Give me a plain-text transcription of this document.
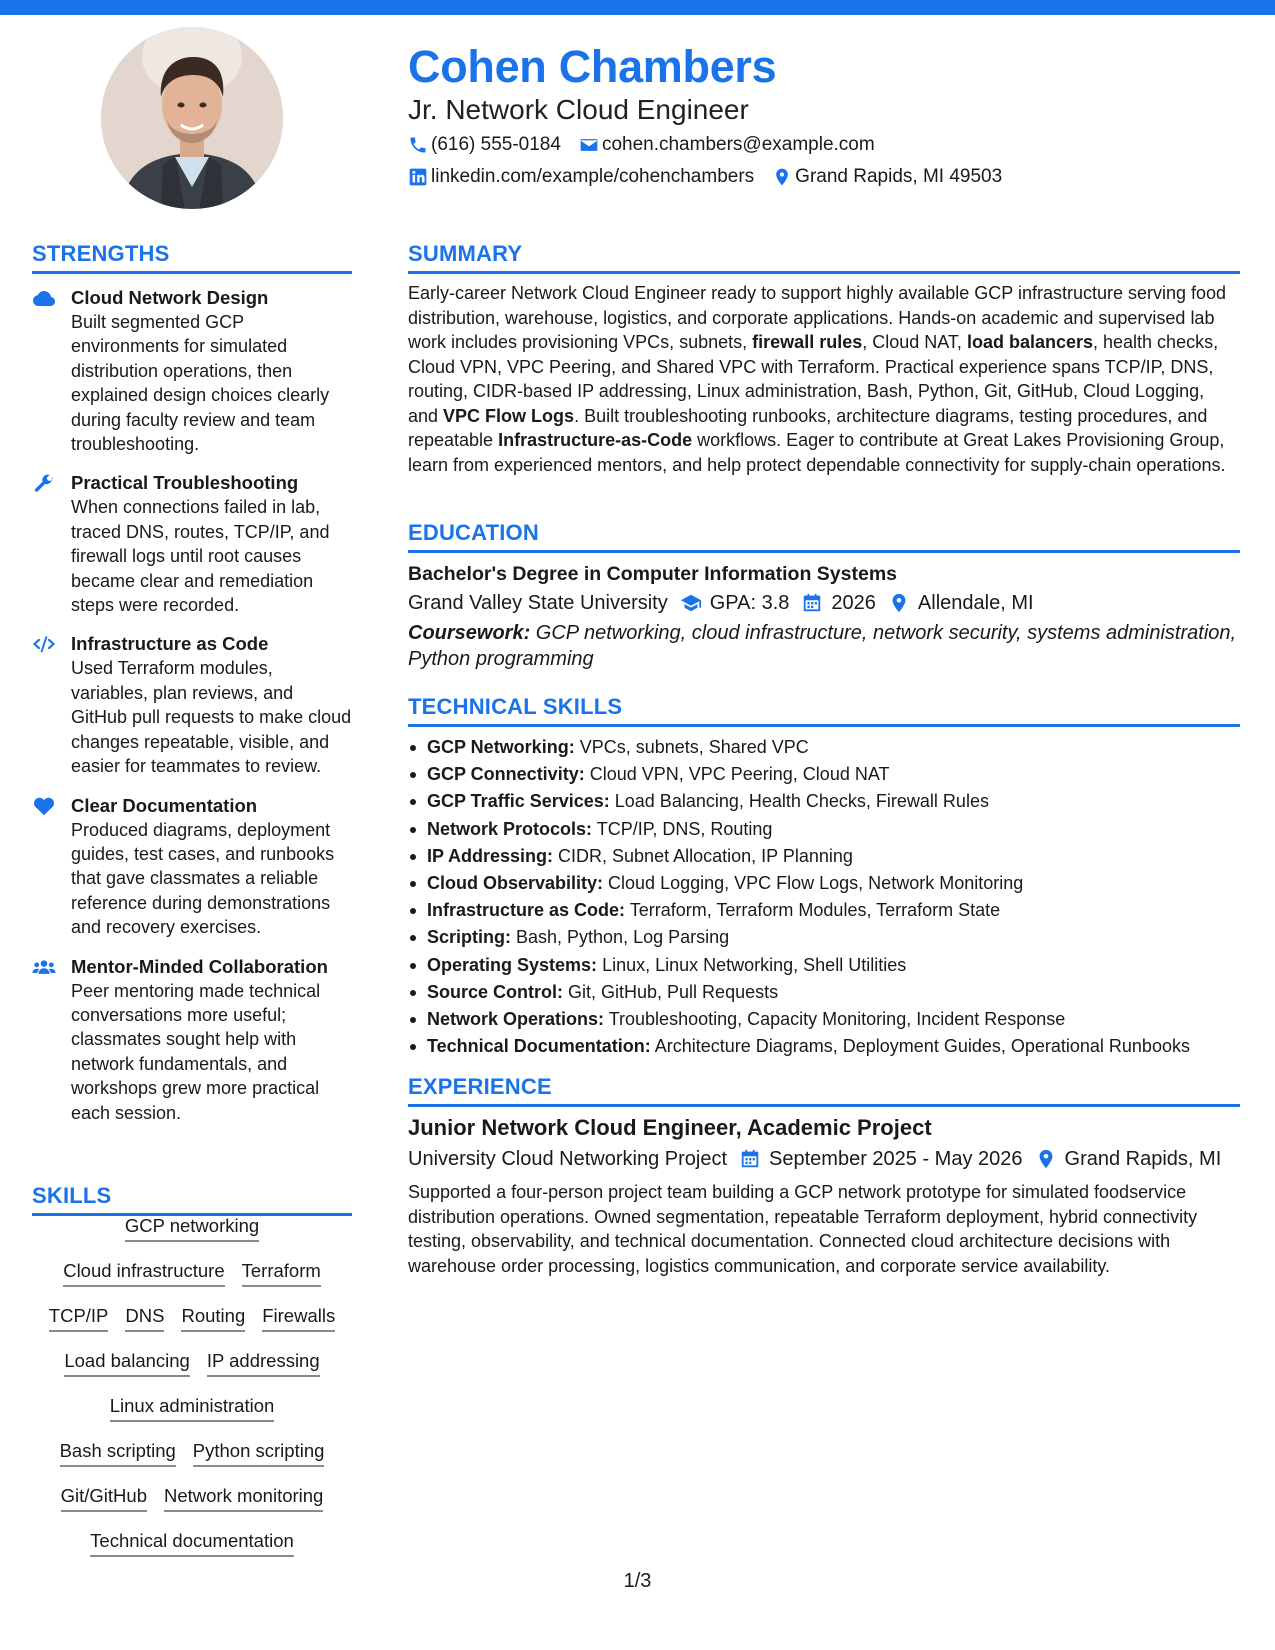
Cohen Chambers
Jr. Network Cloud Engineer
(616) 555-0184 cohen.chambers@example.com
linkedin.com/example/cohenchambers Grand Rapids, MI 49503
STRENGTHS
Cloud Network Design
Built segmented GCP environments for simulated distribution operations, then explained design choices clearly during faculty review and team troubleshooting.
Practical Troubleshooting
When connections failed in lab, traced DNS, routes, TCP/IP, and firewall logs until root causes became clear and remediation steps were recorded.
Infrastructure as Code
Used Terraform modules, variables, plan reviews, and GitHub pull requests to make cloud changes repeatable, visible, and easier for teammates to review.
Clear Documentation
Produced diagrams, deployment guides, test cases, and runbooks that gave classmates a reliable reference during demonstrations and recovery exercises.
Mentor-Minded Collaboration
Peer mentoring made technical conversations more useful; classmates sought help with network fundamentals, and workshops grew more practical each session.
SKILLS
GCP networking
Cloud infrastructure Terraform
TCP/IP DNS Routing Firewalls
Load balancing IP addressing
Linux administration
Bash scripting Python scripting
Git/GitHub Network monitoring
Technical documentation
SUMMARY
Early-career Network Cloud Engineer ready to support highly available GCP infrastructure serving food distribution, warehouse, logistics, and corporate applications. Hands-on academic and supervised lab work includes provisioning VPCs, subnets, firewall rules, Cloud NAT, load balancers, health checks, Cloud VPN, VPC Peering, and Shared VPC with Terraform. Practical experience spans TCP/IP, DNS, routing, CIDR-based IP addressing, Linux administration, Bash, Python, Git, GitHub, Cloud Logging, and VPC Flow Logs. Built troubleshooting runbooks, architecture diagrams, testing procedures, and repeatable Infrastructure-as-Code workflows. Eager to contribute at Great Lakes Provisioning Group, learn from experienced mentors, and help protect dependable connectivity for supply-chain operations.
EDUCATION
Bachelor's Degree in Computer Information Systems
Grand Valley State University GPA: 3.8 2026 Allendale, MI
Coursework: GCP networking, cloud infrastructure, network security, systems administration, Python programming
TECHNICAL SKILLS
GCP Networking: VPCs, subnets, Shared VPC
GCP Connectivity: Cloud VPN, VPC Peering, Cloud NAT
GCP Traffic Services: Load Balancing, Health Checks, Firewall Rules
Network Protocols: TCP/IP, DNS, Routing
IP Addressing: CIDR, Subnet Allocation, IP Planning
Cloud Observability: Cloud Logging, VPC Flow Logs, Network Monitoring
Infrastructure as Code: Terraform, Terraform Modules, Terraform State
Scripting: Bash, Python, Log Parsing
Operating Systems: Linux, Linux Networking, Shell Utilities
Source Control: Git, GitHub, Pull Requests
Network Operations: Troubleshooting, Capacity Monitoring, Incident Response
Technical Documentation: Architecture Diagrams, Deployment Guides, Operational Runbooks
EXPERIENCE
Junior Network Cloud Engineer, Academic Project
University Cloud Networking Project September 2025 - May 2026 Grand Rapids, MI
Supported a four-person project team building a GCP network prototype for simulated foodservice distribution operations. Owned segmentation, repeatable Terraform deployment, hybrid connectivity testing, observability, and technical documentation. Connected cloud architecture decisions with warehouse order processing, logistics communication, and corporate service availability.
1/3
